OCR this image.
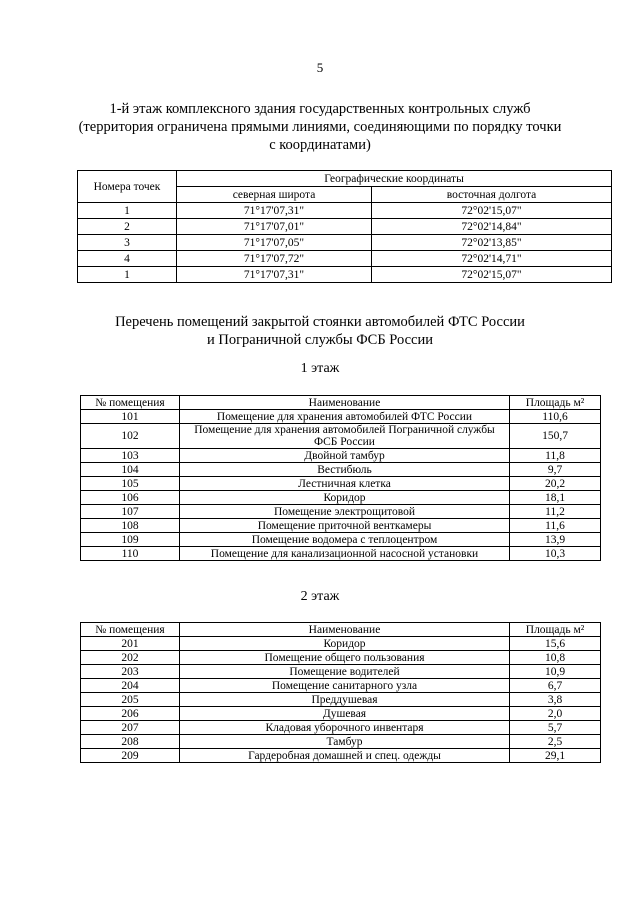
5
1-й этаж комплексного здания государственных контрольных служб
(территория ограничена прямыми линиями, соединяющими по порядку точки
с координатами)
Номера точек	Географические координаты	
	северная широта	восточная долгота
1	71°17'07,31"	72°02'15,07"
2	71°17'07,01"	72°02'14,84"
3	71°17'07,05"	72°02'13,85"
4	71°17'07,72"	72°02'14,71"
1	71°17'07,31"	72°02'15,07"
Перечень помещений закрытой стоянки автомобилей ФТС России
и Пограничной службы ФСБ России
1 этаж
№ помещения	Наименование	Площадь м²
101	Помещение для хранения автомобилей ФТС России	110,6
102	Помещение для хранения автомобилей Пограничной службы ФСБ России	150,7
103	Двойной тамбур	11,8
104	Вестибюль	9,7
105	Лестничная клетка	20,2
106	Коридор	18,1
107	Помещение электрощитовой	11,2
108	Помещение приточной венткамеры	11,6
109	Помещение водомера с теплоцентром	13,9
110	Помещение для канализационной насосной установки	10,3
2 этаж
№ помещения	Наименование	Площадь м²
201	Коридор	15,6
202	Помещение общего пользования	10,8
203	Помещение водителей	10,9
204	Помещение санитарного узла	6,7
205	Преддушевая	3,8
206	Душевая	2,0
207	Кладовая уборочного инвентаря	5,7
208	Тамбур	2,5
209	Гардеробная домашней и спец. одежды	29,1
